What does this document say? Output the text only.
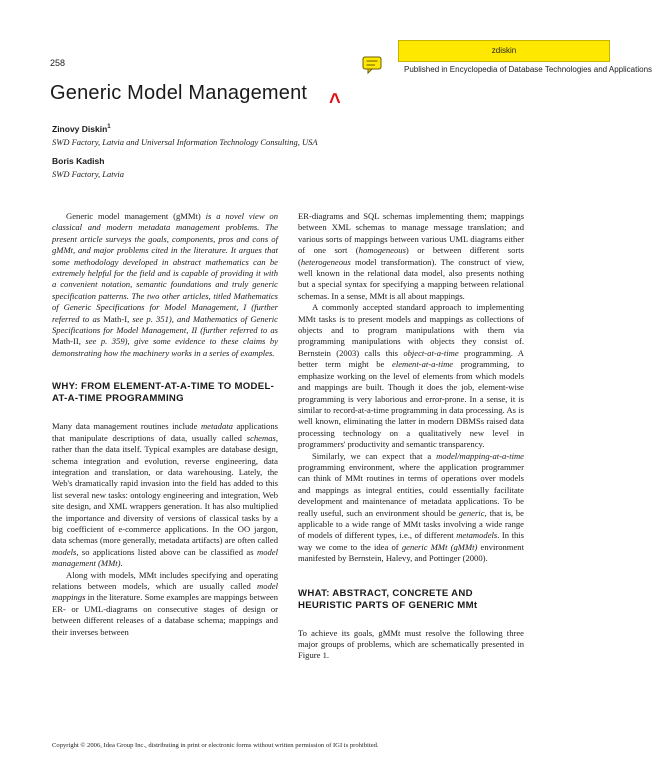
258
zdiskin
Published in Encyclopedia of Database Technologies and Applications
Generic Model Management ^
Zinovy Diskin$^1$
SWD Factory, Latvia and Universal Information Technology Consulting, USA
Boris Kadish
SWD Factory, Latvia

Generic model management (gMMt) is a novel view on classical and modern metadata management problems. The present article surveys the goals, components, pros and cons of gMMt, and major problems cited in the literature. It argues that some methodology developed in abstract mathematics can be extremely helpful for the field and is capable of providing it with a convenient notation, semantic foundations and truly generic specification patterns. The two other articles, titled Mathematics of Generic Specifications for Model Management, I (further referred to as Math-I, see p. 351), and Mathematics of Generic Specifications for Model Management, II (further referred to as Math-II, see p. 359), give some evidence to these claims by demonstrating how the machinery works in a series of examples.

WHY: FROM ELEMENT-AT-A-TIME TO MODEL-AT-A-TIME PROGRAMMING

Many data management routines include metadata applications that manipulate descriptions of data, usually called schemas, rather than the data itself. Typical examples are database design, schema integration and evolution, reverse engineering, data integration and translation, or data warehousing. Lately, the Web's dramatically rapid invasion into the field has added to this list several new tasks: ontology engineering and integration, Web site design, and XML wrappers generation. It has also multiplied the importance and diversity of versions of classical tasks by a big coefficient of e-commerce applications. In the OO jargon, data schemas (more generally, metadata artifacts) are often called models, so applications listed above can be classified as model management (MMt).

Along with models, MMt includes specifying and operating relations between models, which are usually called model mappings in the literature. Some examples are mappings between ER- or UML-diagrams on consecutive stages of design or between different releases of a database schema; mappings and their inverses between

ER-diagrams and SQL schemas implementing them; mappings between XML schemas to manage message translation; and various sorts of mappings between various UML diagrams either of one sort (homogeneous) or between different sorts (heterogeneous model transformation). The construct of view, well known in the relational data model, also presents nothing but a special syntax for specifying a mapping between relational schemas. In a sense, MMt is all about mappings.

A commonly accepted standard approach to implementing MMt tasks is to present models and mappings as collections of objects and to program manipulations with them via programming manipulations with objects they consist of. Bernstein (2003) calls this object-at-a-time programming. A better term might be element-at-a-time programming, to emphasize working on the level of elements from which models and mappings are built. Though it does the job, element-wise programming is very laborious and error-prone. In a sense, it is similar to record-at-a-time programming in data processing. As is well known, eliminating the latter in modern DBMSs raised data processing technology on a qualitatively new level in programmers' productivity and semantic transparency.

Similarly, we can expect that a model/mapping-at-a-time programming environment, where the application programmer can think of MMt routines in terms of operations over models and mappings as integral entities, could essentially facilitate development and maintenance of metadata applications. To be really useful, such an environment should be generic, that is, be applicable to a wide range of MMt tasks involving a wide range of models of different types, i.e., of different metamodels. In this way we come to the idea of generic MMt (gMMt) environment manifested by Bernstein, Halevy, and Pottinger (2000).

WHAT: ABSTRACT, CONCRETE AND HEURISTIC PARTS OF GENERIC MMt

To achieve its goals, gMMt must resolve the following three major groups of problems, which are schematically presented in Figure 1.

Copyright © 2006, Idea Group Inc., distributing in print or electronic forms without written permission of IGI is prohibited.
